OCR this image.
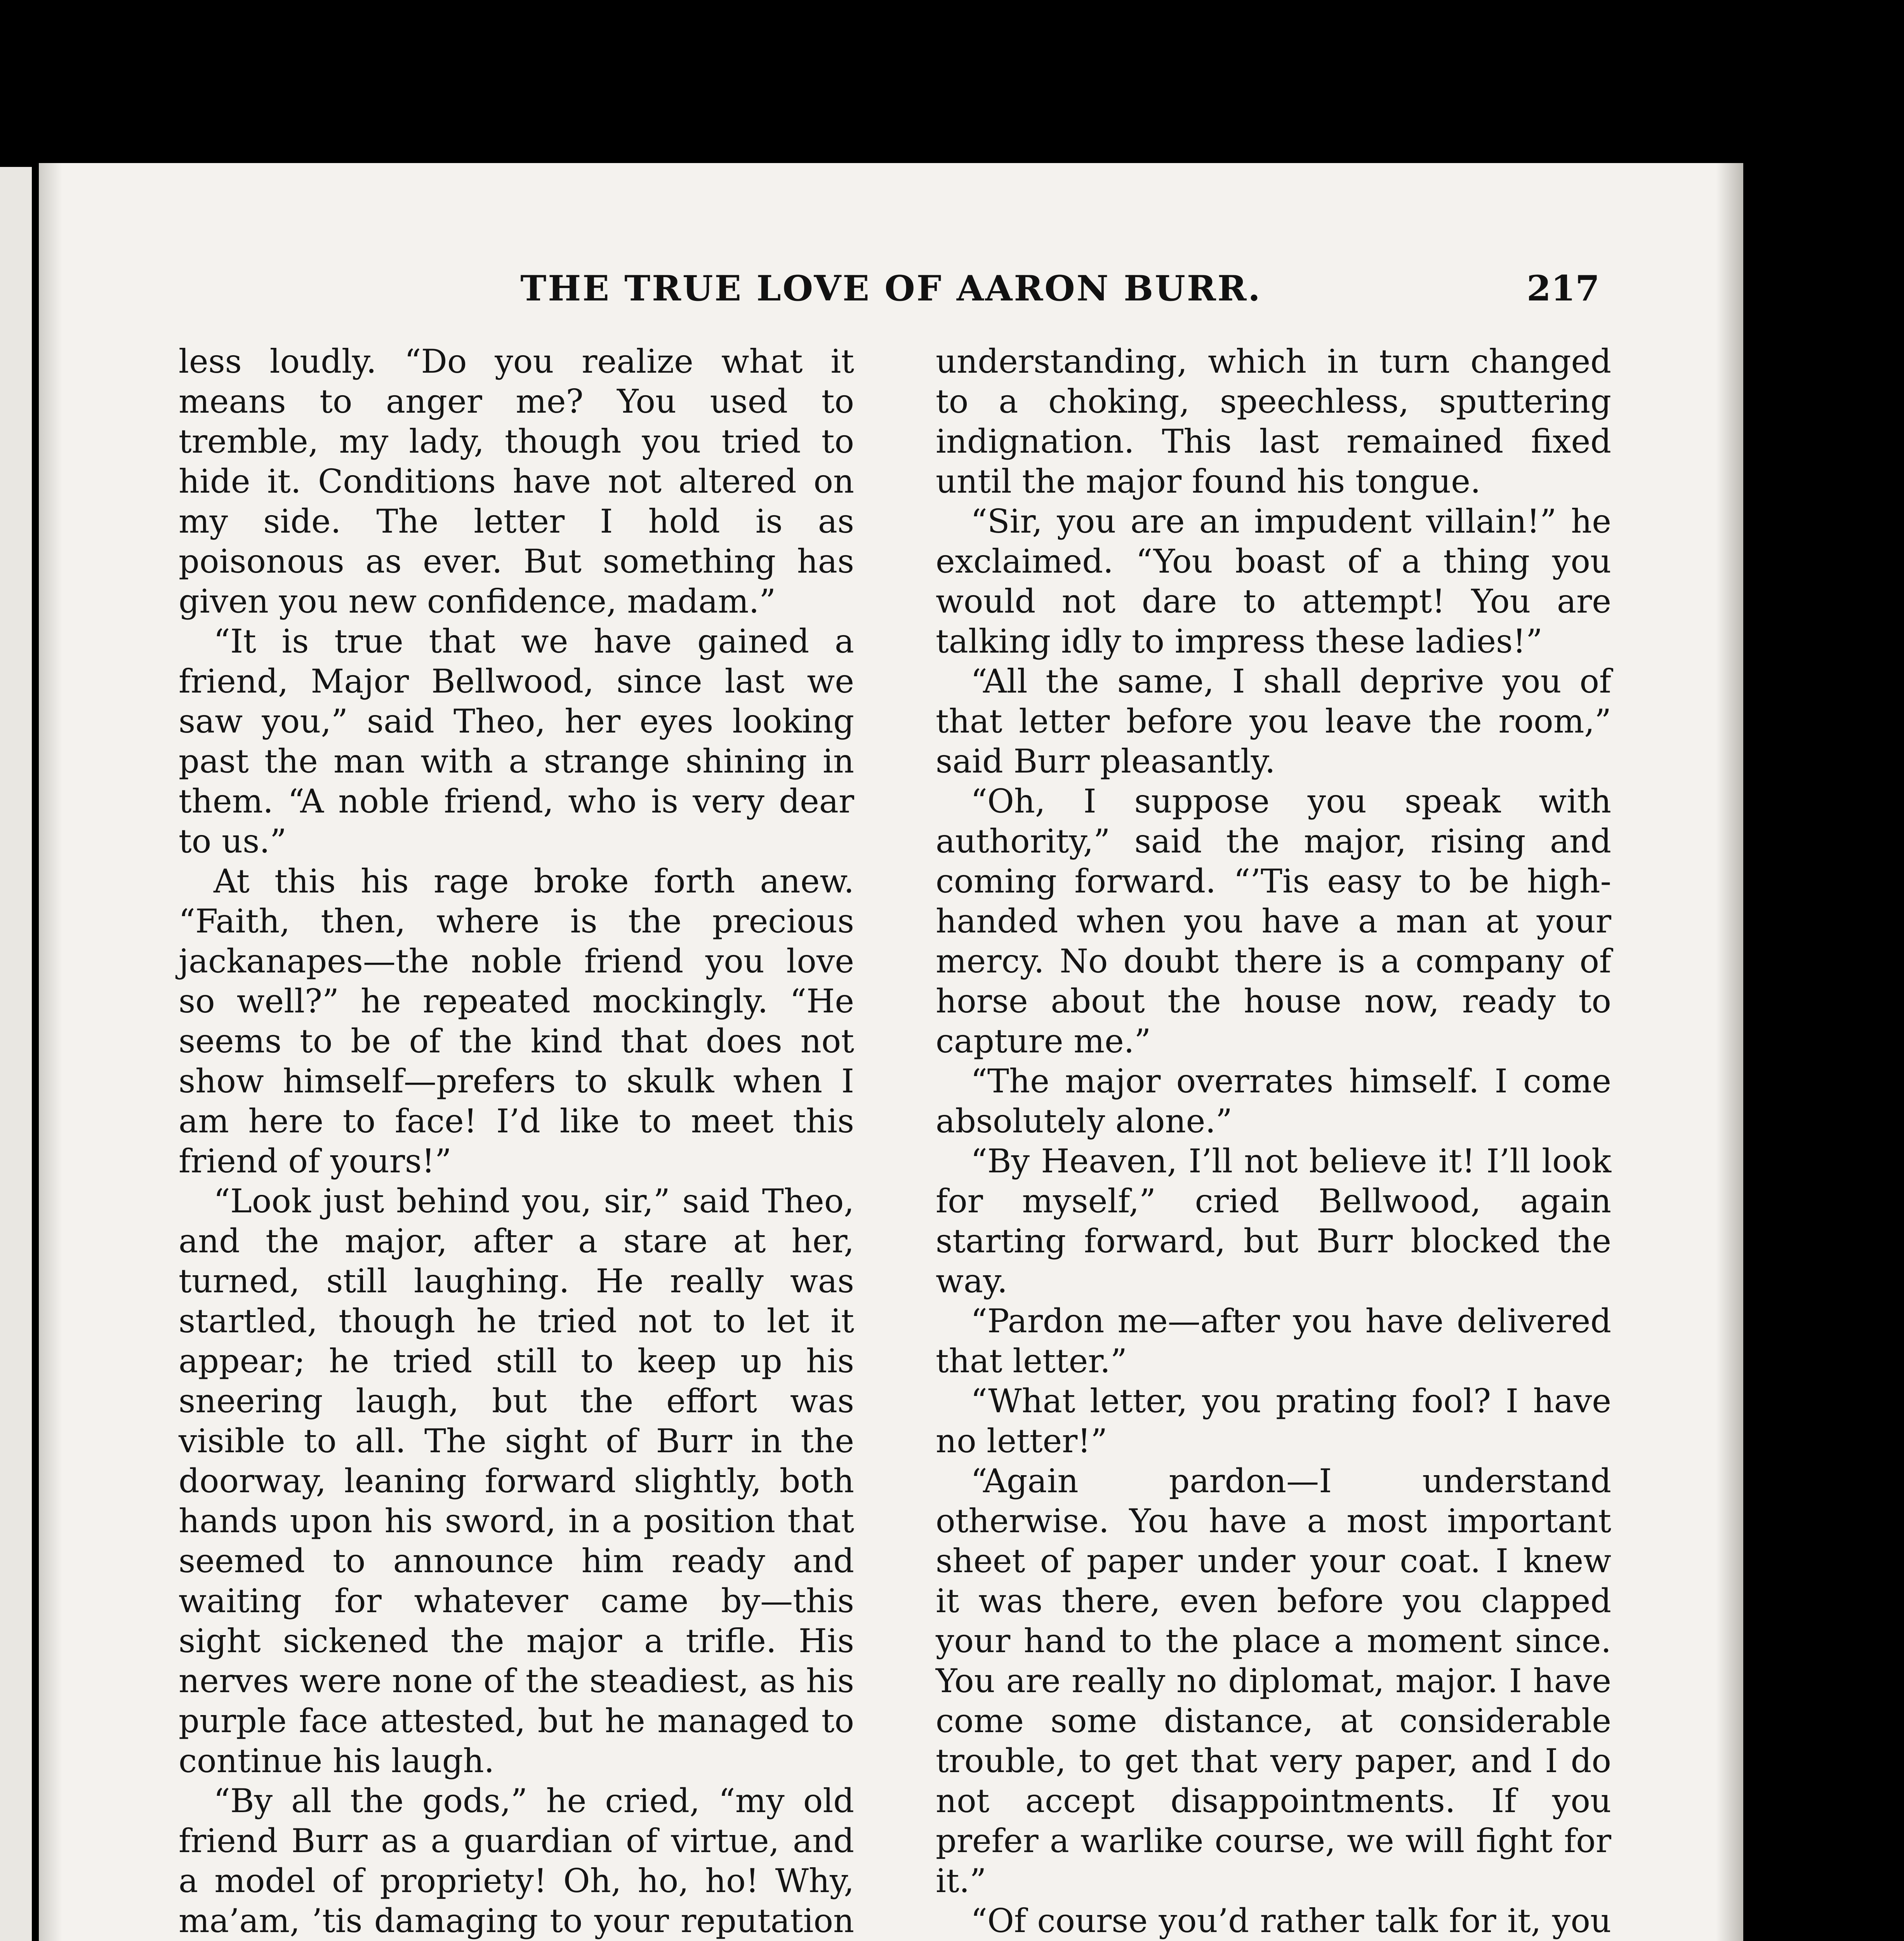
THE TRUE LOVE OF AARON BURR.	217

less loudly. “Do you realize what it means to anger me? You used to tremble, my lady, though you tried to hide it. Conditions have not altered on my side. The letter I hold is as poisonous as ever. But something has given you new confidence, madam.”

“It is true that we have gained a friend, Major Bellwood, since last we saw you,” said Theo, her eyes looking past the man with a strange shining in them. “A noble friend, who is very dear to us.”

At this his rage broke forth anew. “Faith, then, where is the precious jackanapes—the noble friend you love so well?” he repeated mockingly. “He seems to be of the kind that does not show himself—prefers to skulk when I am here to face! I’d like to meet this friend of yours!”

“Look just behind you, sir,” said Theo, and the major, after a stare at her, turned, still laughing. He really was startled, though he tried not to let it appear; he tried still to keep up his sneering laugh, but the effort was visible to all. The sight of Burr in the doorway, leaning forward slightly, both hands upon his sword, in a position that seemed to announce him ready and waiting for whatever came by—this sight sickened the major a trifle. His nerves were none of the steadiest, as his purple face attested, but he managed to continue his laugh.

“By all the gods,” he cried, “my old friend Burr as a guardian of virtue, and a model of propriety! Oh, ho, ho! Why, ma’am, ’tis damaging to your reputation

understanding, which in turn changed to a choking, speechless, sputtering indignation. This last remained fixed until the major found his tongue.

“Sir, you are an impudent villain!” he exclaimed. “You boast of a thing you would not dare to attempt! You are talking idly to impress these ladies!”

“All the same, I shall deprive you of that letter before you leave the room,” said Burr pleasantly.

“Oh, I suppose you speak with authority,” said the major, rising and coming forward. “’Tis easy to be high-handed when you have a man at your mercy. No doubt there is a company of horse about the house now, ready to capture me.”

“The major overrates himself. I come absolutely alone.”

“By Heaven, I’ll not believe it! I’ll look for myself,” cried Bellwood, again starting forward, but Burr blocked the way.

“Pardon me—after you have delivered that letter.”

“What letter, you prating fool? I have no letter!”

“Again pardon—I understand otherwise. You have a most important sheet of paper under your coat. I knew it was there, even before you clapped your hand to the place a moment since. You are really no diplomat, major. I have come some distance, at considerable trouble, to get that very paper, and I do not accept disappointments. If you prefer a warlike course, we will fight for it.”

“Of course you’d rather talk for it, you
